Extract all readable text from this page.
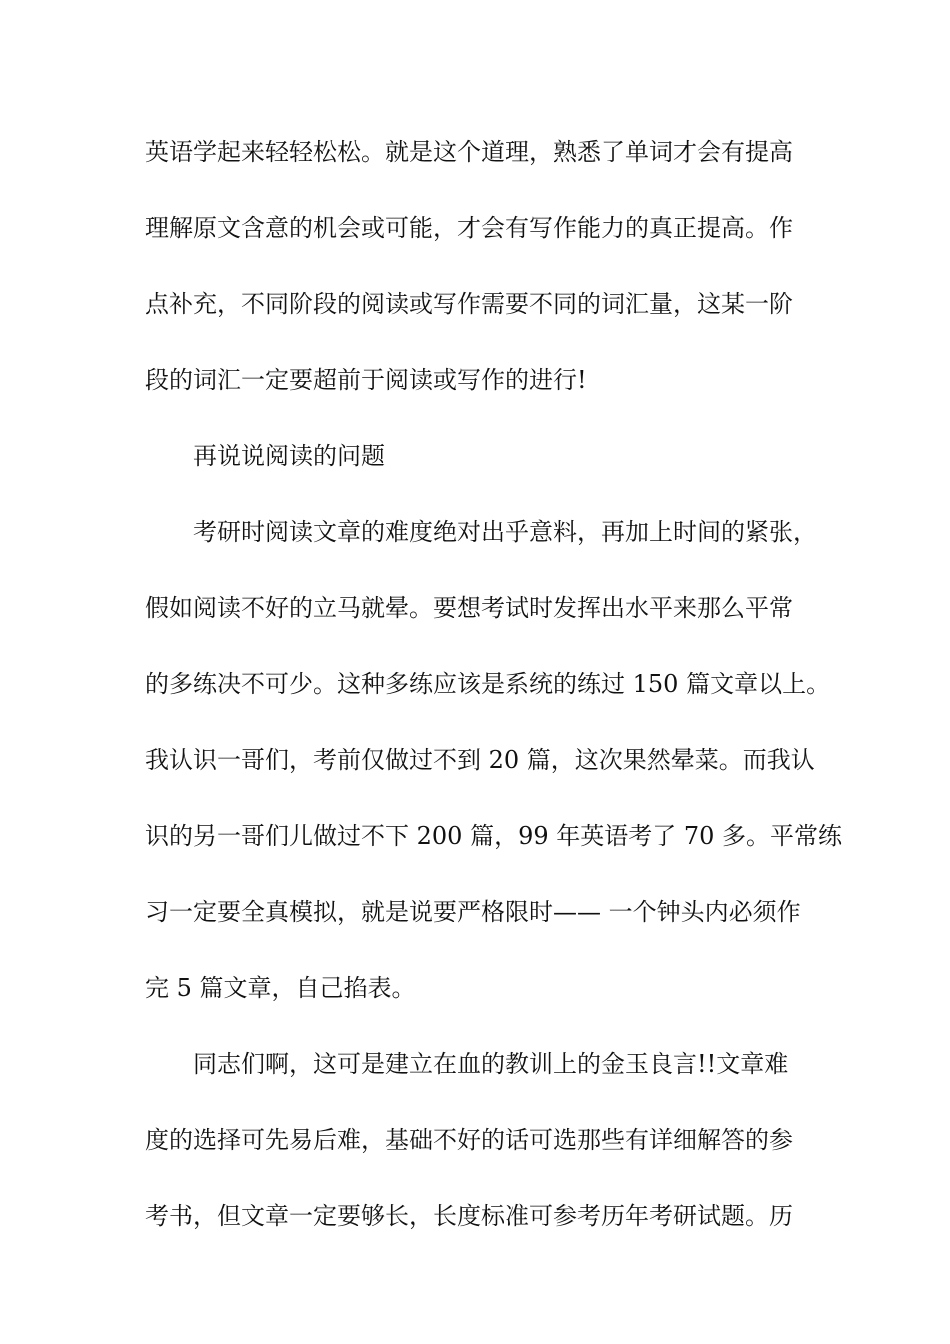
英语学起来轻轻松松。就是这个道理，熟悉了单词才会有提高
理解原文含意的机会或可能，才会有写作能力的真正提高。作
点补充，不同阶段的阅读或写作需要不同的词汇量，这某一阶
段的词汇一定要超前于阅读或写作的进行!
再说说阅读的问题
考研时阅读文章的难度绝对出乎意料，再加上时间的紧张，
假如阅读不好的立马就晕。要想考试时发挥出水平来那么平常
的多练决不可少。这种多练应该是系统的练过 150 篇文章以上。
我认识一哥们，考前仅做过不到 20 篇，这次果然晕菜。而我认
识的另一哥们儿做过不下 200 篇，99 年英语考了 70 多。平常练
习一定要全真模拟，就是说要严格限时—— 一个钟头内必须作
完 5 篇文章，自己掐表。
同志们啊，这可是建立在血的教训上的金玉良言!!文章难
度的选择可先易后难，基础不好的话可选那些有详细解答的参
考书，但文章一定要够长，长度标准可参考历年考研试题。历
